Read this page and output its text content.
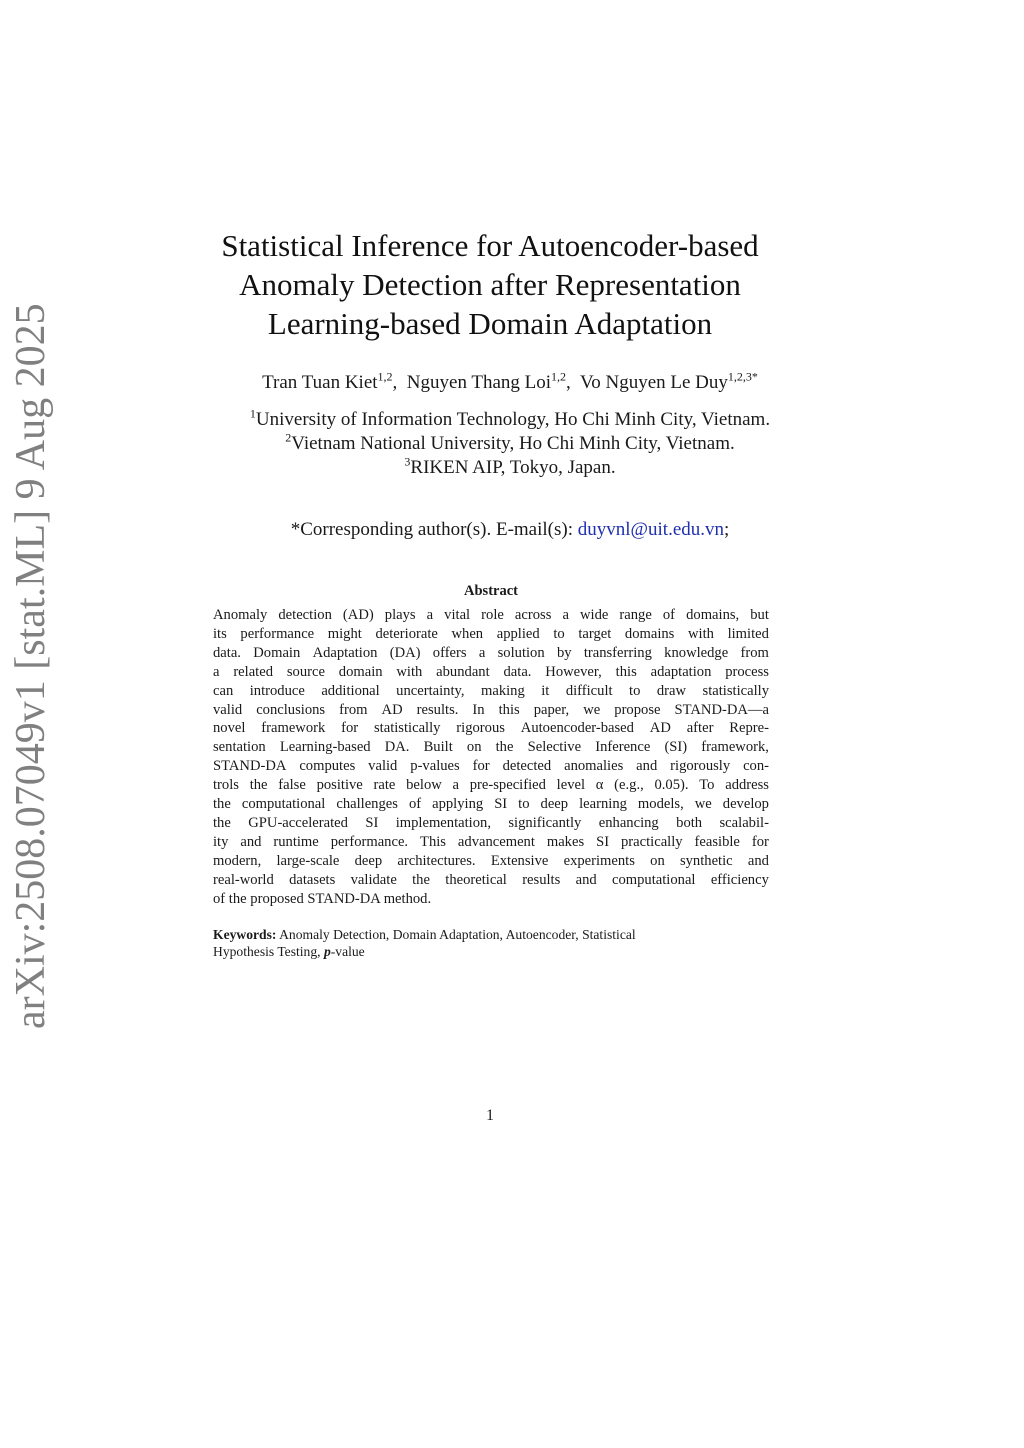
arXiv:2508.07049v1 [stat.ML] 9 Aug 2025
Statistical Inference for Autoencoder-based
Anomaly Detection after Representation
Learning-based Domain Adaptation
Tran Tuan Kiet$^{1,2}$,  Nguyen Thang Loi$^{1,2}$,  Vo Nguyen Le Duy$^{1,2,3*}$
$^1$University of Information Technology, Ho Chi Minh City, Vietnam.
$^2$Vietnam National University, Ho Chi Minh City, Vietnam.
$^3$RIKEN AIP, Tokyo, Japan.
*Corresponding author(s). E-mail(s): duyvnl@uit.edu.vn;
Abstract
Anomaly detection (AD) plays a vital role across a wide range of domains, but
its performance might deteriorate when applied to target domains with limited
data. Domain Adaptation (DA) offers a solution by transferring knowledge from
a related source domain with abundant data. However, this adaptation process
can introduce additional uncertainty, making it difficult to draw statistically
valid conclusions from AD results. In this paper, we propose STAND-DA—a
novel framework for statistically rigorous Autoencoder-based AD after Repre-
sentation Learning-based DA. Built on the Selective Inference (SI) framework,
STAND-DA computes valid p-values for detected anomalies and rigorously con-
trols the false positive rate below a pre-specified level α (e.g., 0.05). To address
the computational challenges of applying SI to deep learning models, we develop
the GPU-accelerated SI implementation, significantly enhancing both scalabil-
ity and runtime performance. This advancement makes SI practically feasible for
modern, large-scale deep architectures. Extensive experiments on synthetic and
real-world datasets validate the theoretical results and computational efficiency
of the proposed STAND-DA method.
Keywords: Anomaly Detection, Domain Adaptation, Autoencoder, Statistical
Hypothesis Testing, p-value
1
